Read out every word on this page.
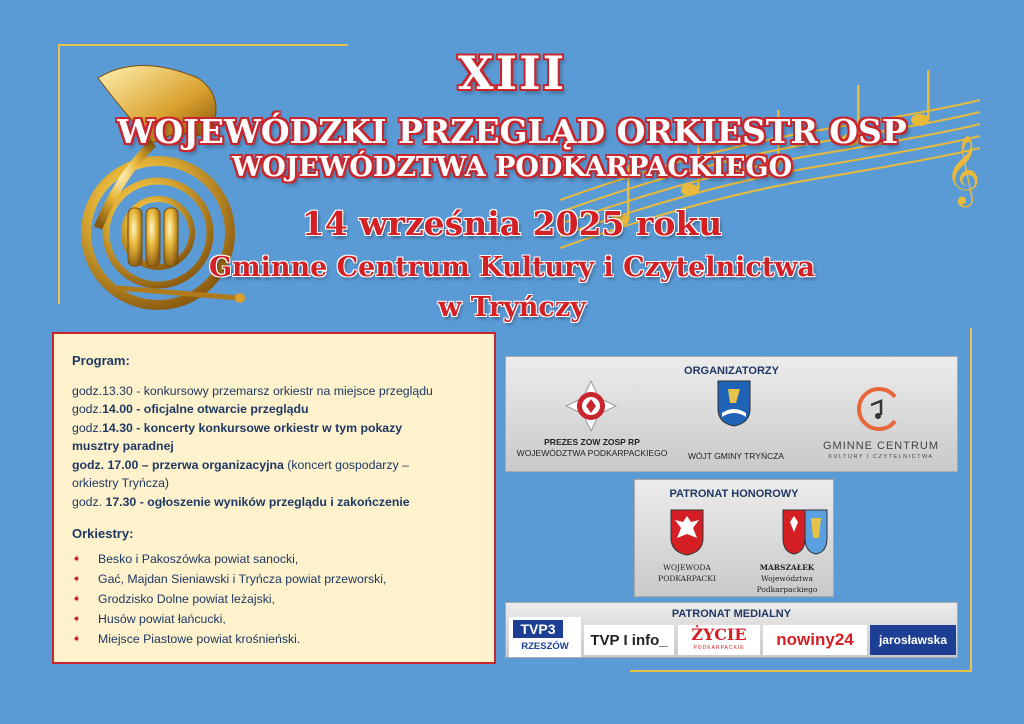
𝄞
XIII
WOJEWÓDZKI PRZEGLĄD ORKIESTR OSP
WOJEWÓDZTWA PODKARPACKIEGO
14 września 2025 roku
Gminne Centrum Kultury i Czytelnictwa
w Tryńczy
Program:
godz.13.30 - konkursowy przemarsz orkiestr na miejsce przeglądu
godz.14.00 - oficjalne otwarcie przeglądu
godz.14.30 - koncerty konkursowe orkiestr w tym pokazy
musztry paradnej
godz. 17.00 – przerwa organizacyjna (koncert gospodarzy –
orkiestry Tryńcza)
godz. 17.30 - ogłoszenie wyników przeglądu i zakończenie
Orkiestry:
➧	Besko i Pakoszówka powiat sanocki,
➧	Gać, Majdan Sieniawski i Tryńcza powiat przeworski,
➧	Grodzisko Dolne powiat leżajski,
➧	Husów powiat łańcucki,
➧	Miejsce Piastowe powiat krośnieński.
ORGANIZATORZY
PREZES ZOW ZOSP RP
WOJEWÓDZTWA PODKARPACKIEGO	WÓJT GMINY TRYŃCZA
GMINNE CENTRUM
KULTURY I CZYTELNICTWA
PATRONAT HONOROWY
WOJEWODA
PODKARPACKI
MARSZAŁEK
Województwa
Podkarpackiego
PATRONAT MEDIALNY
TVP3
RZESZÓW	TVP I info_	ŻYCIE
PODKARPACKIE	nowiny24	jarosławska
